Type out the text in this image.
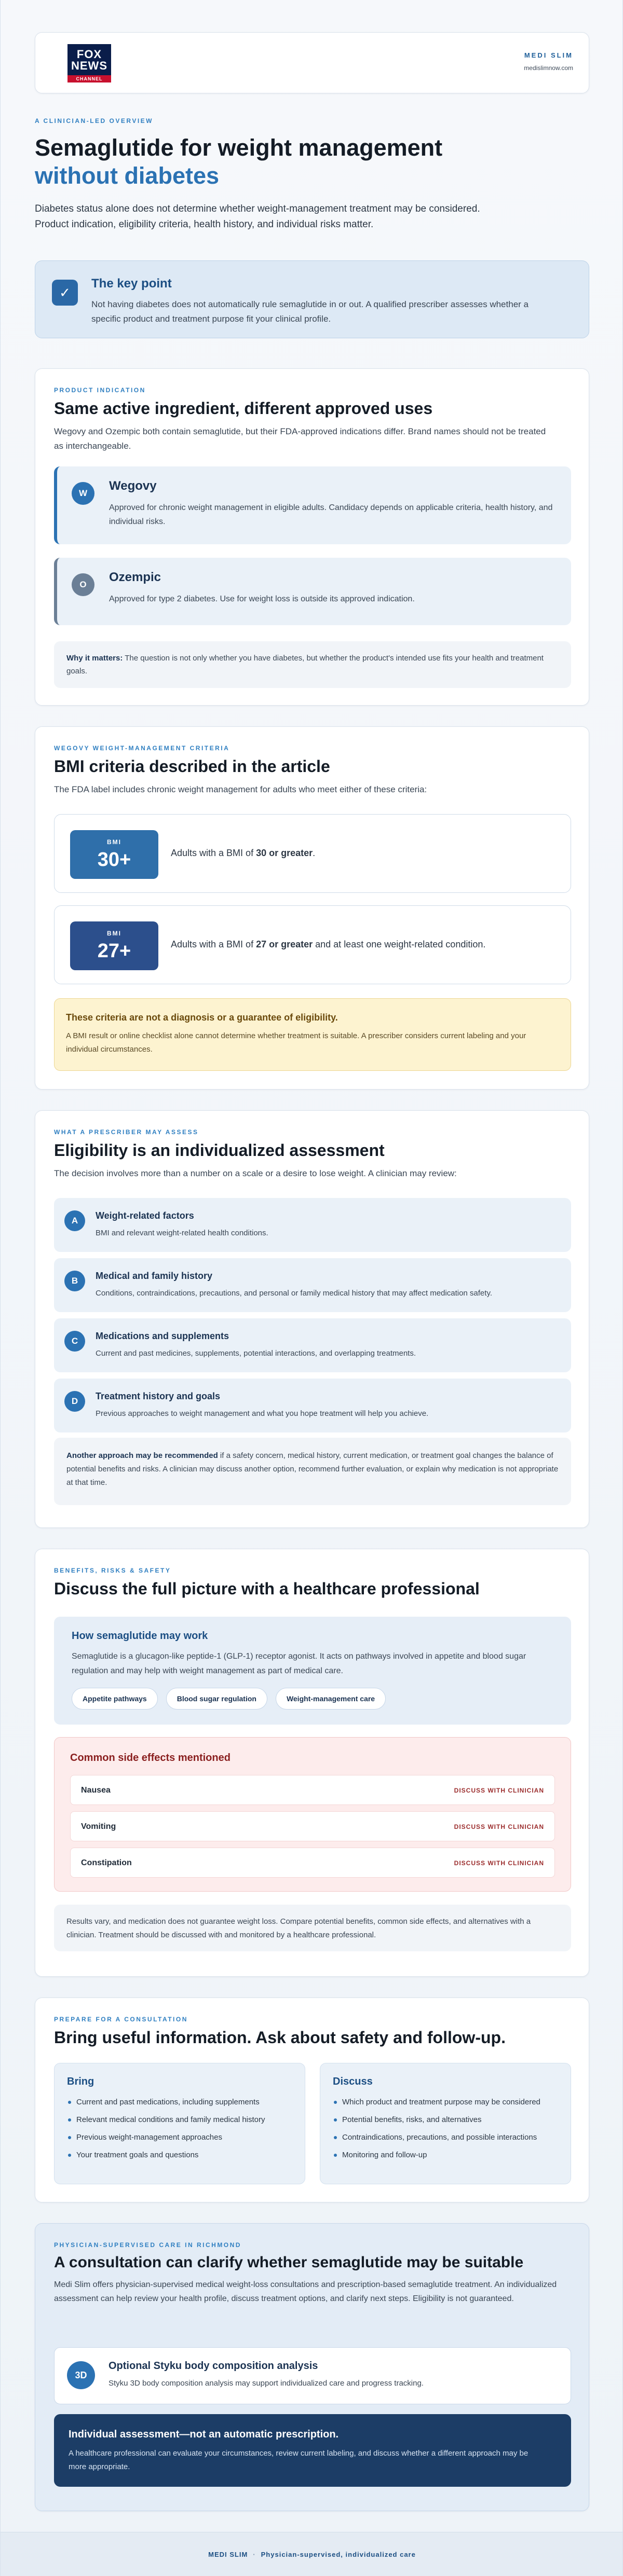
FOX
NEWS
CHANNEL
MEDI SLIM
medislimnow.com
A CLINICIAN-LED OVERVIEW
Semaglutide for weight management
without diabetes

Diabetes status alone does not determine whether weight-management treatment may be considered. Product indication, eligibility criteria, health history, and individual risks matter.

✓
The key point

Not having diabetes does not automatically rule semaglutide in or out. A qualified prescriber assesses whether a specific product and treatment purpose fit your clinical profile.

PRODUCT INDICATION
Same active ingredient, different approved uses

Wegovy and Ozempic both contain semaglutide, but their FDA-approved indications differ. Brand names should not be treated as interchangeable.

W
Wegovy

Approved for chronic weight management in eligible adults. Candidacy depends on applicable criteria, health history, and individual risks.

O
Ozempic

Approved for type 2 diabetes. Use for weight loss is outside its approved indication.

Why it matters: The question is not only whether you have diabetes, but whether the product's intended use fits your health and treatment goals.
WEGOVY WEIGHT-MANAGEMENT CRITERIA
BMI criteria described in the article

The FDA label includes chronic weight management for adults who meet either of these criteria:

BMI
30+	Adults with a BMI of 30 or greater.
BMI
27+	Adults with a BMI of 27 or greater and at least one weight-related condition.
These criteria are not a diagnosis or a guarantee of eligibility.

A BMI result or online checklist alone cannot determine whether treatment is suitable. A prescriber considers current labeling and your individual circumstances.

WHAT A PRESCRIBER MAY ASSESS
Eligibility is an individualized assessment

The decision involves more than a number on a scale or a desire to lose weight. A clinician may review:

A	Weight-related factors

BMI and relevant weight-related health conditions.

B	Medical and family history

Conditions, contraindications, precautions, and personal or family medical history that may affect medication safety.

C	Medications and supplements

Current and past medicines, supplements, potential interactions, and overlapping treatments.

D	Treatment history and goals

Previous approaches to weight management and what you hope treatment will help you achieve.

Another approach may be recommended if a safety concern, medical history, current medication, or treatment goal changes the balance of potential benefits and risks. A clinician may discuss another option, recommend further evaluation, or explain why medication is not appropriate at that time.
BENEFITS, RISKS & SAFETY
Discuss the full picture with a healthcare professional
How semaglutide may work

Semaglutide is a glucagon-like peptide-1 (GLP-1) receptor agonist. It acts on pathways involved in appetite and blood sugar regulation and may help with weight management as part of medical care.

Appetite pathways	Blood sugar regulation	Weight-management care
Common side effects mentioned
Nausea	DISCUSS WITH CLINICIAN
Vomiting	DISCUSS WITH CLINICIAN
Constipation	DISCUSS WITH CLINICIAN
Results vary, and medication does not guarantee weight loss. Compare potential benefits, common side effects, and alternatives with a clinician. Treatment should be discussed with and monitored by a healthcare professional.
PREPARE FOR A CONSULTATION
Bring useful information. Ask about safety and follow-up.
Bring
Current and past medications, including supplements
Relevant medical conditions and family medical history
Previous weight-management approaches
Your treatment goals and questions
Discuss
Which product and treatment purpose may be considered
Potential benefits, risks, and alternatives
Contraindications, precautions, and possible interactions
Monitoring and follow-up
PHYSICIAN-SUPERVISED CARE IN RICHMOND
A consultation can clarify whether semaglutide may be suitable

Medi Slim offers physician-supervised medical weight-loss consultations and prescription-based semaglutide treatment. An individualized assessment can help review your health profile, discuss treatment options, and clarify next steps. Eligibility is not guaranteed.

3D
Optional Styku body composition analysis

Styku 3D body composition analysis may support individualized care and progress tracking.

Individual assessment—not an automatic prescription.

A healthcare professional can evaluate your circumstances, review current labeling, and discuss whether a different approach may be more appropriate.

MEDI SLIM · Physician-supervised, individualized care
